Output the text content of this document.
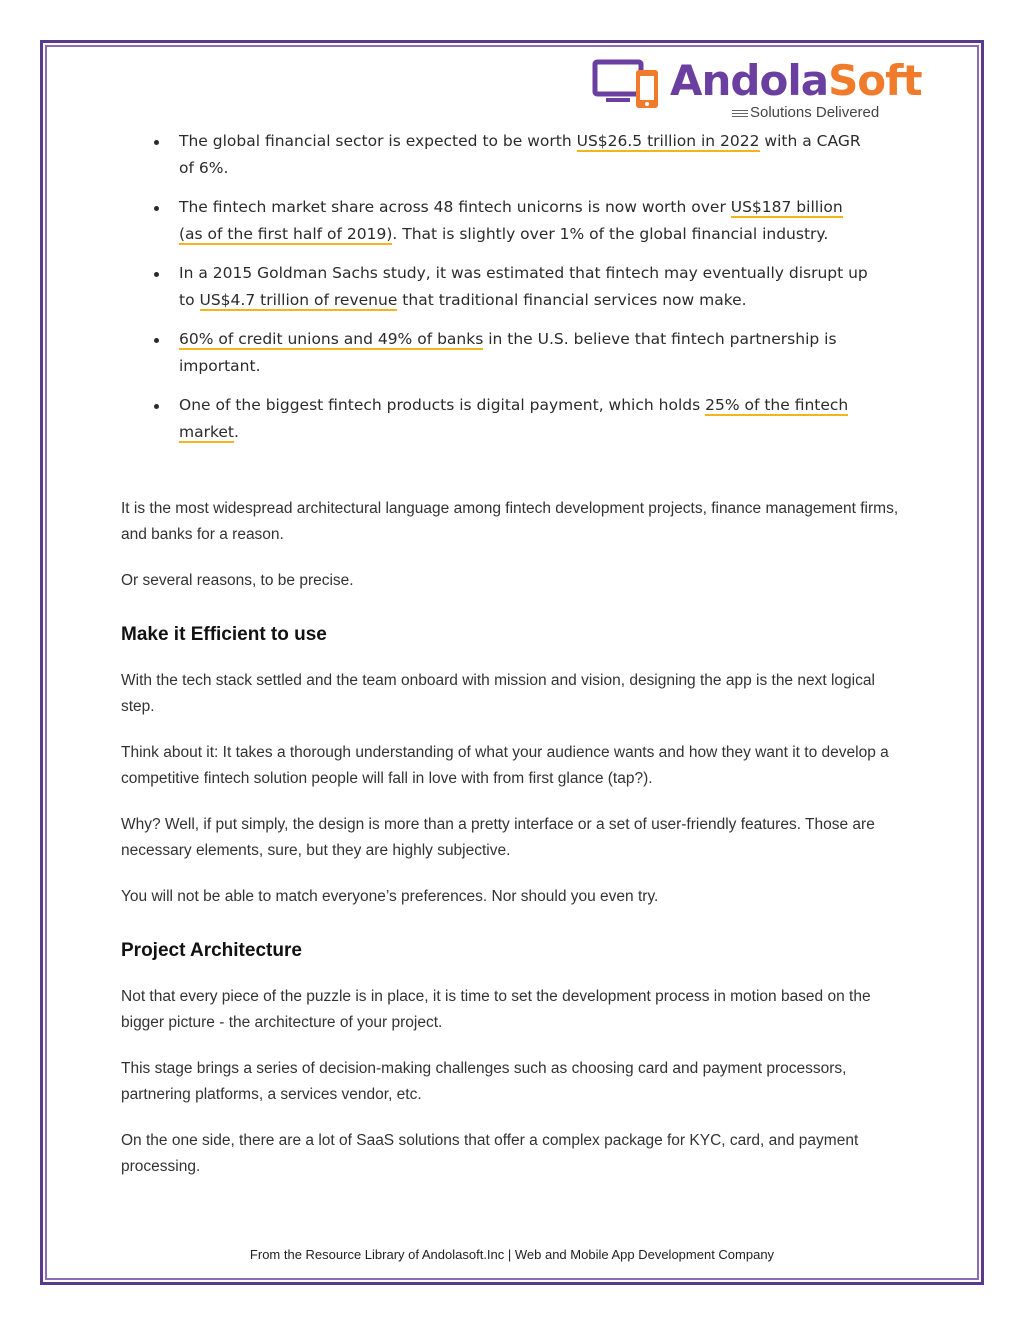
AndolaSoft
Solutions Delivered
The global financial sector is expected to be worth US$26.5 trillion in 2022 with a CAGR of 6%.
The fintech market share across 48 fintech unicorns is now worth over US$187 billion (as of the first half of 2019). That is slightly over 1% of the global financial industry.
In a 2015 Goldman Sachs study, it was estimated that fintech may eventually disrupt up to US$4.7 trillion of revenue that traditional financial services now make.
60% of credit unions and 49% of banks in the U.S. believe that fintech partnership is important.
One of the biggest fintech products is digital payment, which holds 25% of the fintech market.

It is the most widespread architectural language among fintech development projects, finance management firms, and banks for a reason.

Or several reasons, to be precise.

Make it Efficient to use

With the tech stack settled and the team onboard with mission and vision, designing the app is the next logical step.

Think about it: It takes a thorough understanding of what your audience wants and how they want it to develop a competitive fintech solution people will fall in love with from first glance (tap?).

Why? Well, if put simply, the design is more than a pretty interface or a set of user-friendly features. Those are necessary elements, sure, but they are highly subjective.

You will not be able to match everyone’s preferences. Nor should you even try.

Project Architecture

Not that every piece of the puzzle is in place, it is time to set the development process in motion based on the bigger picture - the architecture of your project.

This stage brings a series of decision-making challenges such as choosing card and payment processors, partnering platforms, a services vendor, etc.

On the one side, there are a lot of SaaS solutions that offer a complex package for KYC, card, and payment processing.

From the Resource Library of Andolasoft.Inc | Web and Mobile App Development Company
